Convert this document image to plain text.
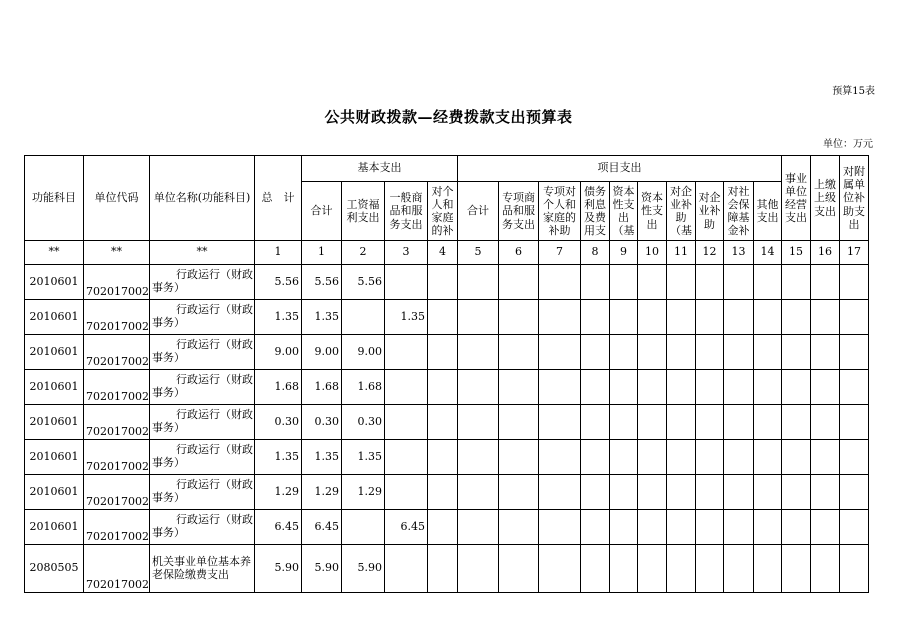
预算15表
公共财政拨款—经费拨款支出预算表
单位：万元
功能科目	单位代码	单位名称(功能科目)	总　计	基本支出				项目支出										事业单位经营支出	上缴上级支出	对附属单位补助支出
				合计	工资福利支出	一般商品和服务支出	对个人和家庭的补	合计	专项商品和服务支出	专项对个人和家庭的补助	债务利息及费用支	资本性支出（基	资本性支出	对企业补助（基	对企业补助	对社会保障基金补	其他支出			
**	**	**	1	1	2	3	4	5	6	7	8	9	10	11	12	13	14	15	16	17
2010601	702017002	行政运行（财政事务）	5.56	5.56	5.56															
2010601	702017002	行政运行（财政事务）	1.35	1.35		1.35														
2010601	702017002	行政运行（财政事务）	9.00	9.00	9.00															
2010601	702017002	行政运行（财政事务）	1.68	1.68	1.68															
2010601	702017002	行政运行（财政事务）	0.30	0.30	0.30															
2010601	702017002	行政运行（财政事务）	1.35	1.35	1.35															
2010601	702017002	行政运行（财政事务）	1.29	1.29	1.29															
2010601	702017002	行政运行（财政事务）	6.45	6.45		6.45														
2080505	702017002	机关事业单位基本养老保险缴费支出	5.90	5.90	5.90															
